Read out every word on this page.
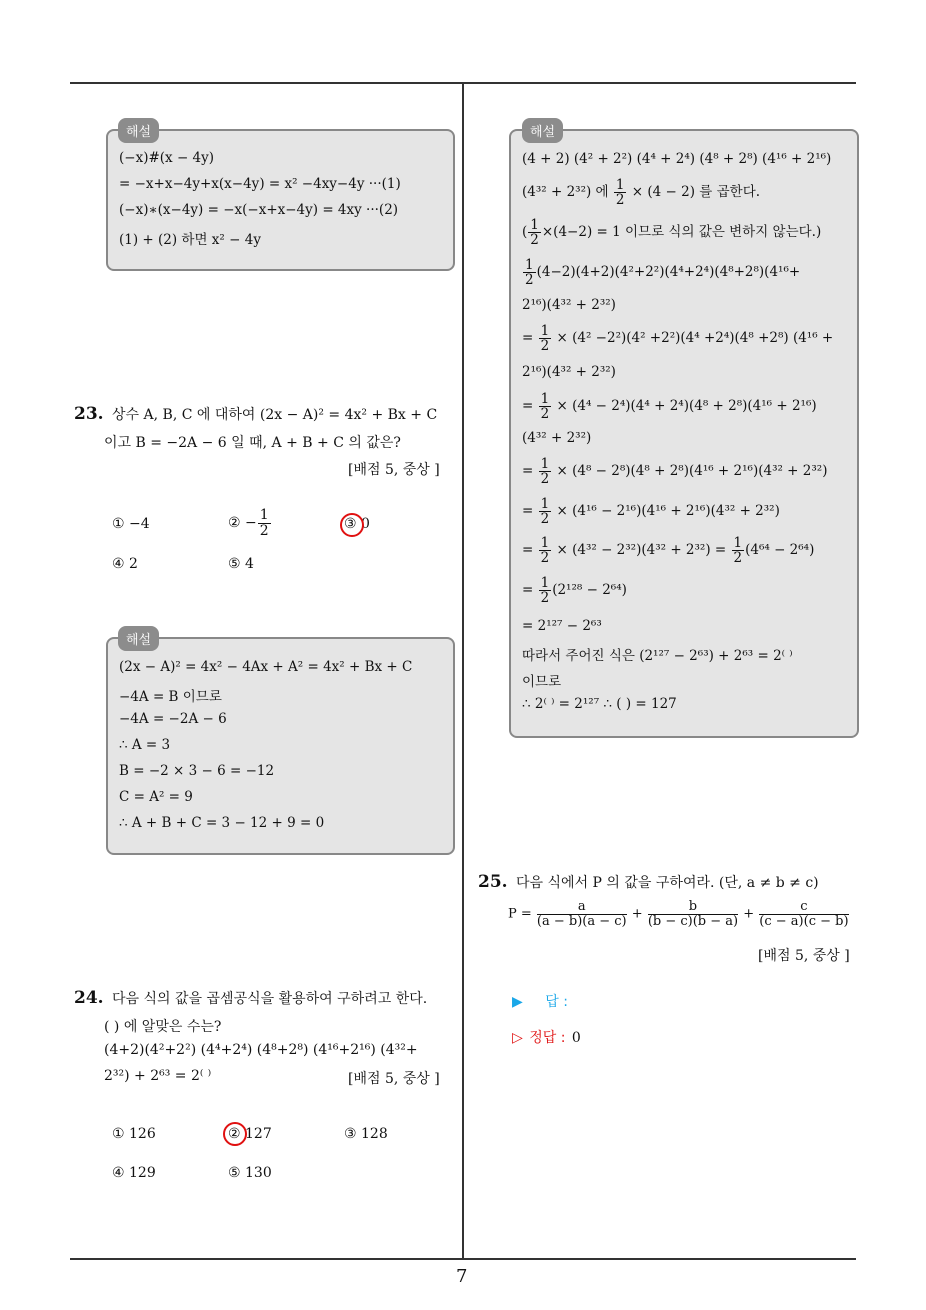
해설
(−x)#(x − 4y)
= −x+x−4y+x(x−4y) = x² −4xy−4y ···(1)
(−x)∗(x−4y) = −x(−x+x−4y) = 4xy ···(2)
(1) + (2) 하면 x² − 4y
23. 상수 A, B, C 에 대하여 (2x − A)² = 4x² + Bx + C
이고 B = −2A − 6 일 때, A + B + C 의 값은?
[배점 5, 중상 ]
① −4	② − $\frac{1}{2}$	③ 0
④ 2	⑤ 4
해설
(2x − A)² = 4x² − 4Ax + A² = 4x² + Bx + C
−4A = B 이므로
−4A = −2A − 6
∴ A = 3
B = −2 × 3 − 6 = −12
C = A² = 9
∴ A + B + C = 3 − 12 + 9 = 0
24. 다음 식의 값을 곱셈공식을 활용하여 구하려고 한다.
( ) 에 알맞은 수는?
(4+2)(4²+2²) (4⁴+2⁴) (4⁸+2⁸) (4¹⁶+2¹⁶) (4³²+
2³²) + 2⁶³ = 2⁽ ⁾	[배점 5, 중상 ]
① 126	② 127	③ 128
④ 129	⑤ 130
해설
(4 + 2) (4² + 2²) (4⁴ + 2⁴) (4⁸ + 2⁸) (4¹⁶ + 2¹⁶)
(4³² + 2³²) 에 $\frac{1}{2} \times (4 - 2)$ 를 곱한다.
( $\frac{1}{2} \times(4-2) = 1$ 이므로 식의 값은 변하지 않는다.)
$\frac{1}{2} (4-2)(4+2)(4^2+2^2)(4^4+2^4)(4^8+2^8)(4^{16}+$
2¹⁶)(4³² + 2³²)
= $\frac{1}{2} \times (4^2 -2^2)(4^2 +2^2)(4^4 +2^4)(4^8 +2^8) (4^{16}$ +
2¹⁶)(4³² + 2³²)
= $\frac{1}{2} \times (4^4 - 2^4)(4^4 + 2^4)(4^8 + 2^8)(4^{16} + 2^{16})$
(4³² + 2³²)
= $\frac{1}{2} \times (4^8 - 2^8)(4^8 + 2^8)(4^{16} + 2^{16})(4^{32} + 2^{32})$
= $\frac{1}{2} \times (4^{16} - 2^{16})(4^{16} + 2^{16})(4^{32} + 2^{32})$
= $\frac{1}{2} \times (4^{32} - 2^{32})(4^{32} + 2^{32}) = \frac{1}{2} (4^{64} - 2^{64})$
= $\frac{1}{2} (2^{128} - 2^{64})$
= 2¹²⁷ − 2⁶³
따라서 주어진 식은 (2¹²⁷ − 2⁶³) + 2⁶³ = 2⁽ ⁾
이므로
∴ 2⁽ ⁾ = 2¹²⁷ ∴ ( ) = 127
25. 다음 식에서 P 의 값을 구하여라. (단, a ≠ b ≠ c)
$P = \frac{a}{(a - b)(a - c)} + \frac{b}{(b - c)(b - a)} + \frac{c}{(c - a)(c - b)}$
[배점 5, 중상 ]
▶ 답 :
▷ 정답 : 0
7
